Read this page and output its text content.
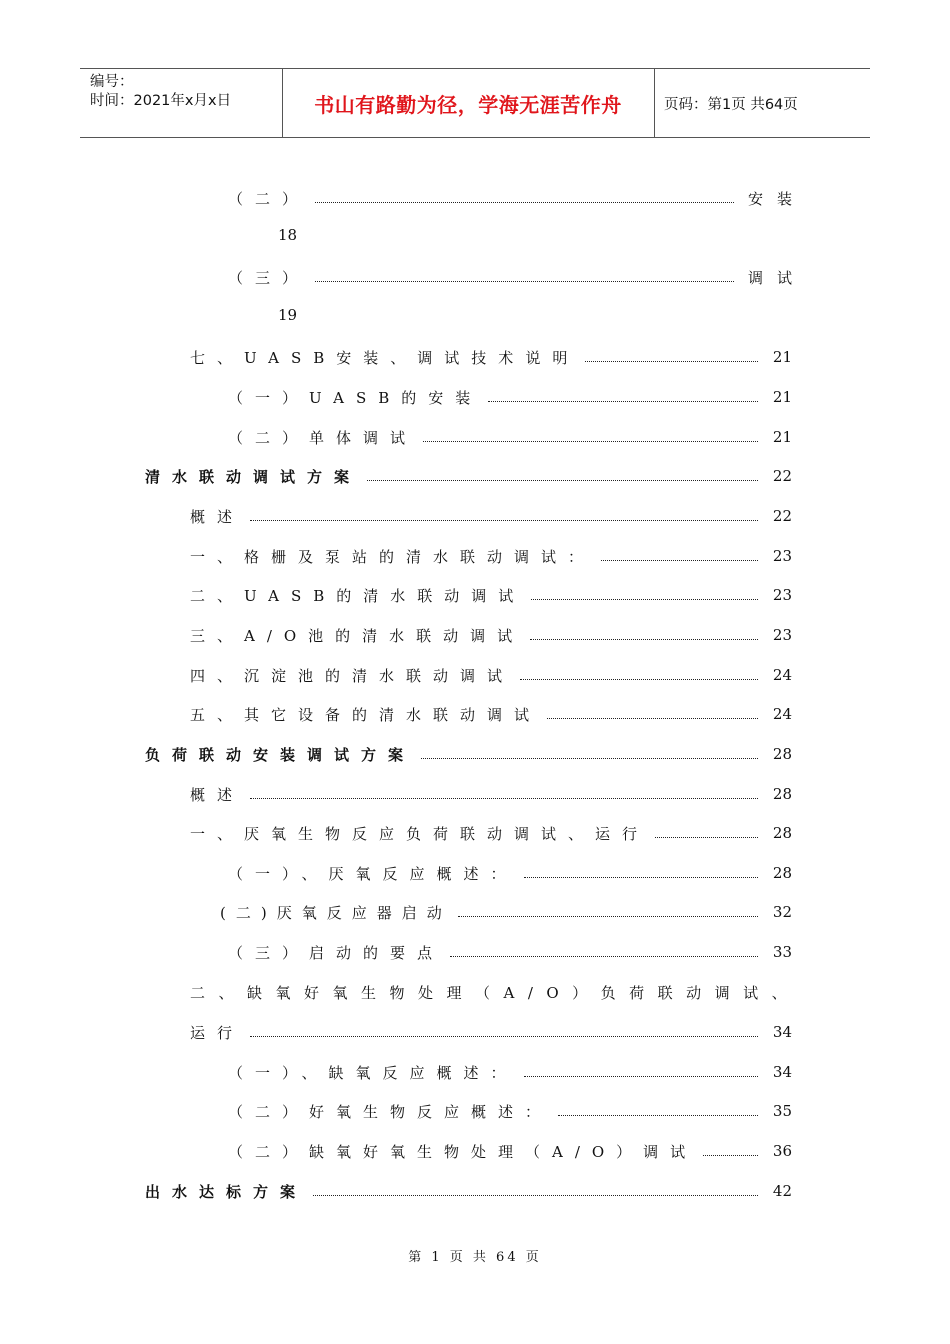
编号：
时间：2021年x月x日	书山有路勤为径，学海无涯苦作舟	页码：第1页 共64页
（二）	安装
18
（三）	调试
19
七、UASB安装、调试技术说明	21
（一）UASB的安装	21
（二）单体调试	21
清水联动调试方案	22
概述	22
一、格栅及泵站的清水联动调试：	23
二、UASB的清水联动调试	23
三、A/O池的清水联动调试	23
四、沉淀池的清水联动调试	24
五、其它设备的清水联动调试	24
负荷联动安装调试方案	28
概述	28
一、厌氧生物反应负荷联动调试、运行	28
（一）、厌氧反应概述：	28
(二)厌氧反应器启动	32
（三）启动的要点	33
二、缺氧好氧生物处理（A/O）负荷联动调试、
运行	34
（一）、缺氧反应概述：	34
（二）好氧生物反应概述：	35
（二）缺氧好氧生物处理（A/O）调试	36
出水达标方案	42
第 1 页 共 64 页
